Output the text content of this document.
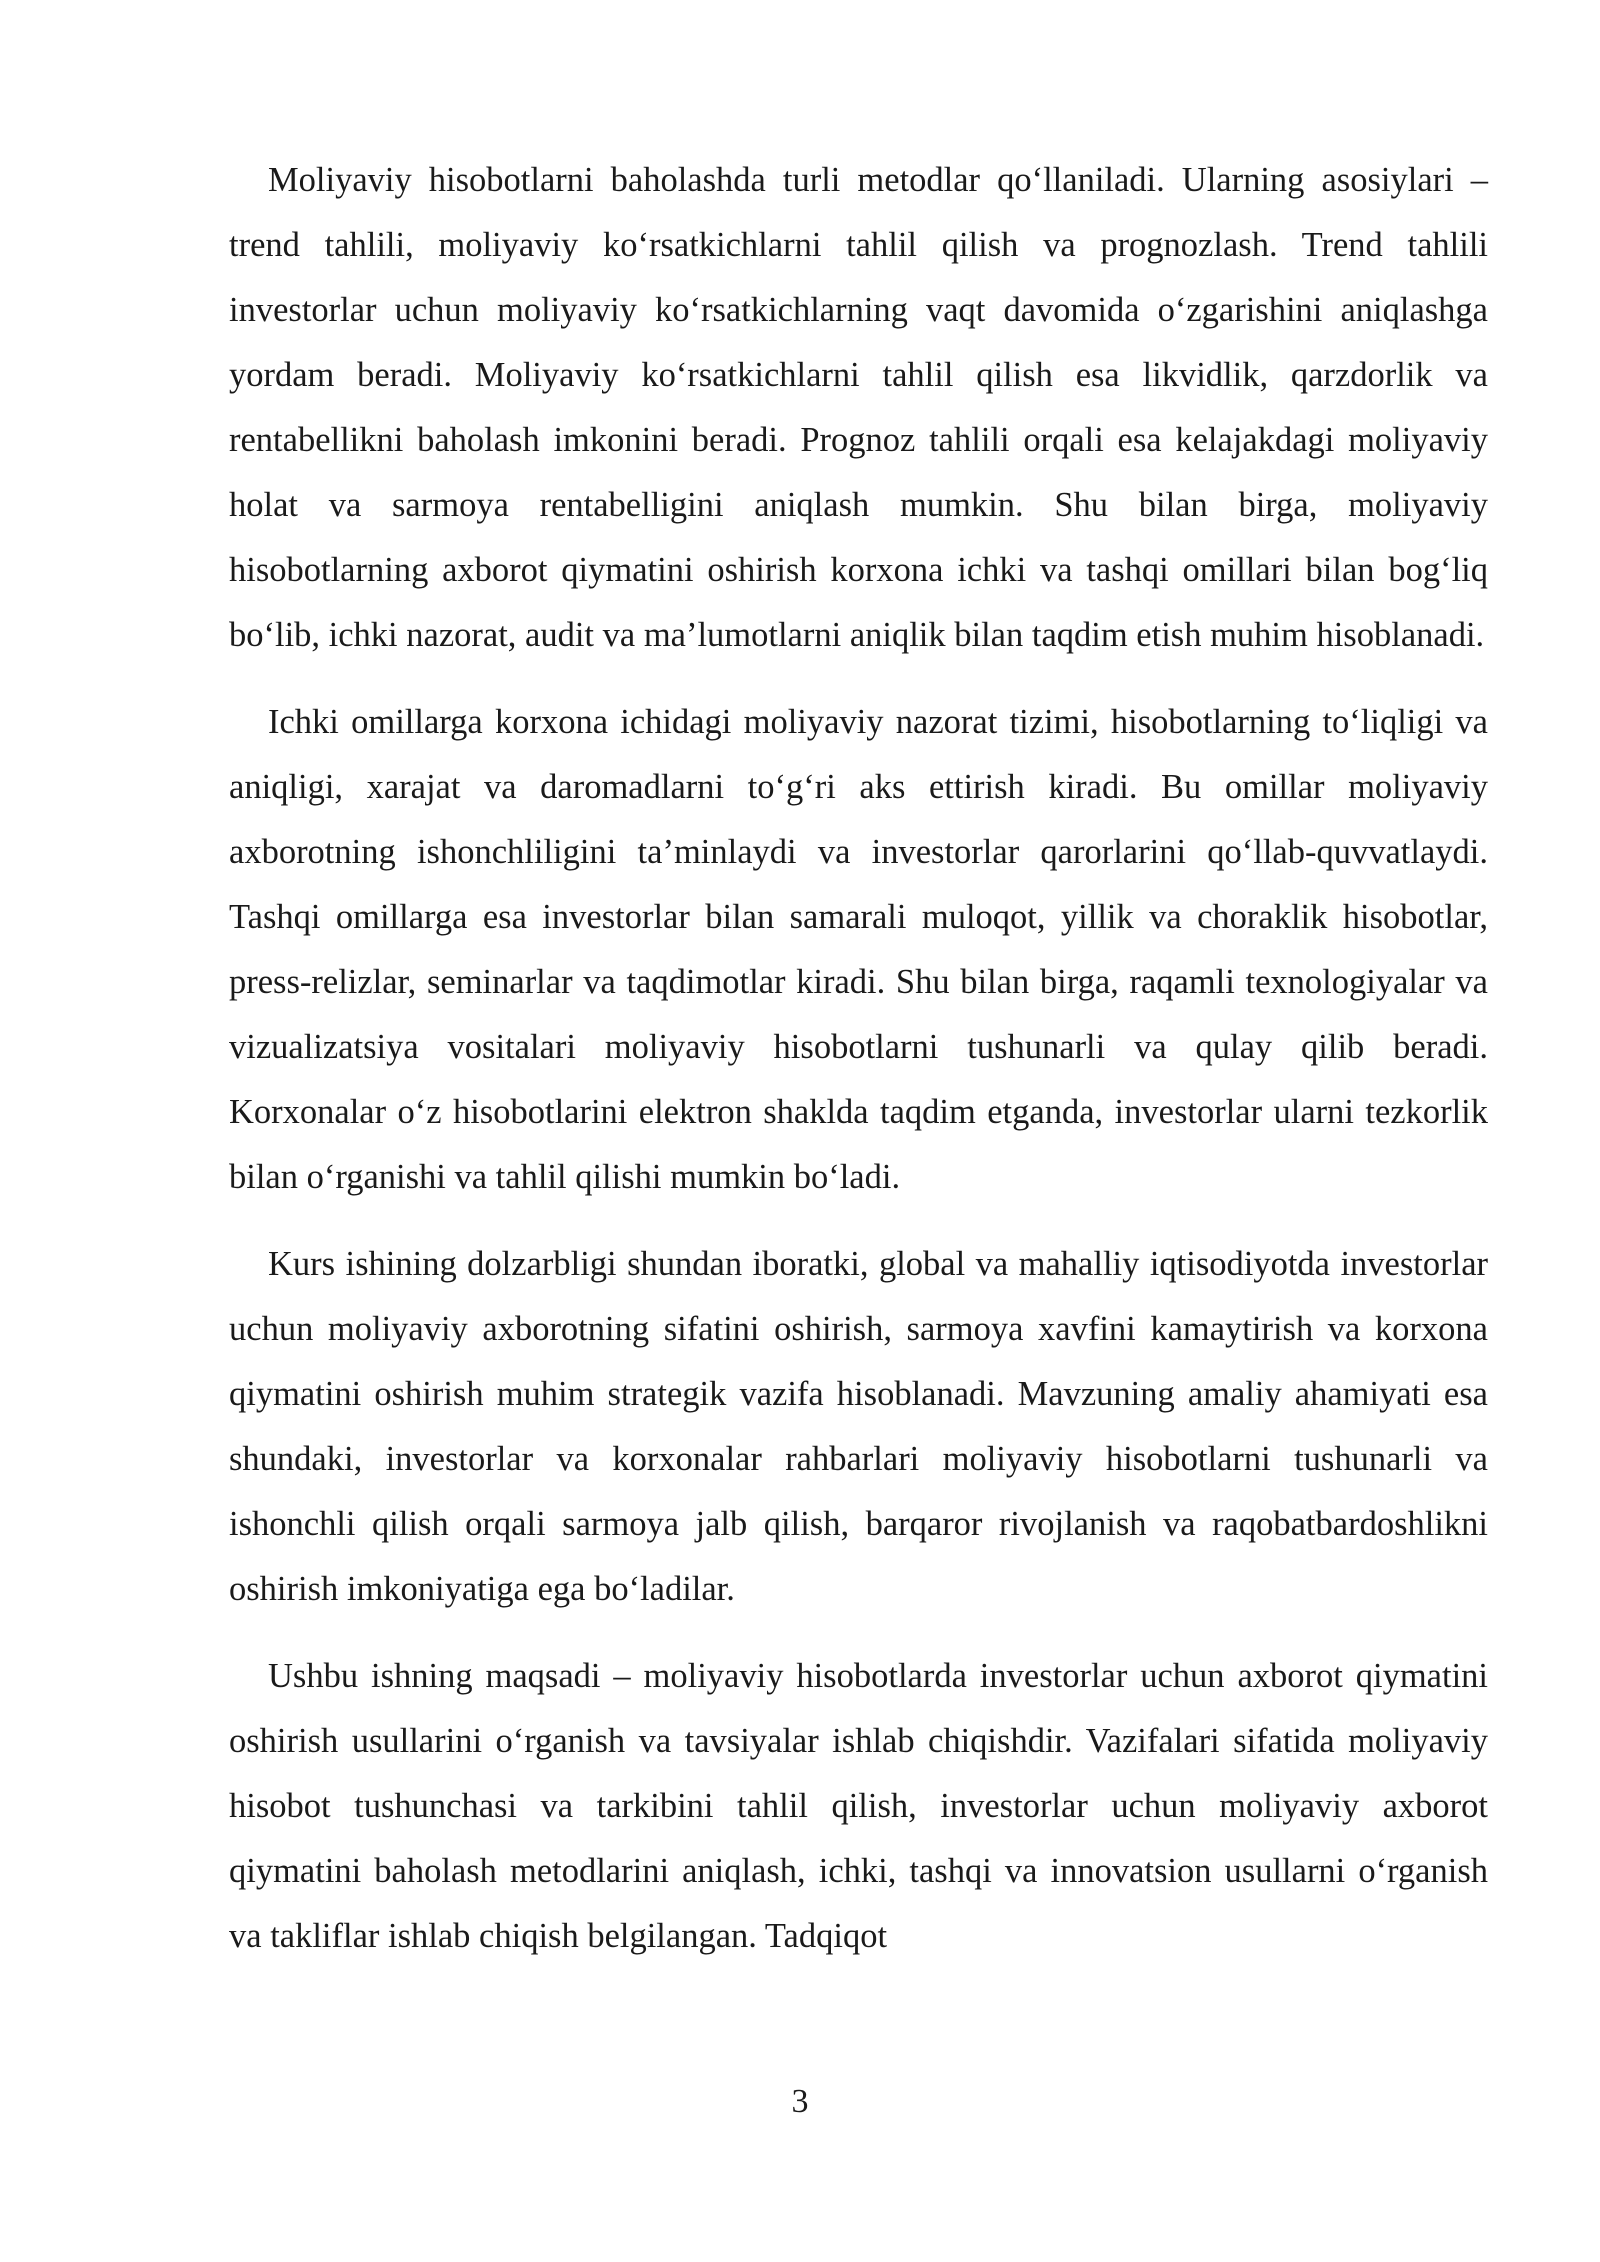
Moliyaviy hisobotlarni baholashda turli metodlar qo‘llaniladi. Ularning asosiylari – trend tahlili, moliyaviy ko‘rsatkichlarni tahlil qilish va prognozlash. Trend tahlili investorlar uchun moliyaviy ko‘rsatkichlarning vaqt davomida o‘zgarishini aniqlashga yordam beradi. Moliyaviy ko‘rsatkichlarni tahlil qilish esa likvidlik, qarzdorlik va rentabellikni baholash imkonini beradi. Prognoz tahlili orqali esa kelajakdagi moliyaviy holat va sarmoya rentabelligini aniqlash mumkin. Shu bilan birga, moliyaviy hisobotlarning axborot qiymatini oshirish korxona ichki va tashqi omillari bilan bog‘liq bo‘lib, ichki nazorat, audit va ma’lumotlarni aniqlik bilan taqdim etish muhim hisoblanadi.

Ichki omillarga korxona ichidagi moliyaviy nazorat tizimi, hisobotlarning to‘liqligi va aniqligi, xarajat va daromadlarni to‘g‘ri aks ettirish kiradi. Bu omillar moliyaviy axborotning ishonchliligini ta’minlaydi va investorlar qarorlarini qo‘llab-quvvatlaydi. Tashqi omillarga esa investorlar bilan samarali muloqot, yillik va choraklik hisobotlar, press-relizlar, seminarlar va taqdimotlar kiradi. Shu bilan birga, raqamli texnologiyalar va vizualizatsiya vositalari moliyaviy hisobotlarni tushunarli va qulay qilib beradi. Korxonalar o‘z hisobotlarini elektron shaklda taqdim etganda, investorlar ularni tezkorlik bilan o‘rganishi va tahlil qilishi mumkin bo‘ladi.

Kurs ishining dolzarbligi shundan iboratki, global va mahalliy iqtisodiyotda investorlar uchun moliyaviy axborotning sifatini oshirish, sarmoya xavfini kamaytirish va korxona qiymatini oshirish muhim strategik vazifa hisoblanadi. Mavzuning amaliy ahamiyati esa shundaki, investorlar va korxonalar rahbarlari moliyaviy hisobotlarni tushunarli va ishonchli qilish orqali sarmoya jalb qilish, barqaror rivojlanish va raqobatbardoshlikni oshirish imkoniyatiga ega bo‘ladilar.

Ushbu ishning maqsadi – moliyaviy hisobotlarda investorlar uchun axborot qiymatini oshirish usullarini o‘rganish va tavsiyalar ishlab chiqishdir. Vazifalari sifatida moliyaviy hisobot tushunchasi va tarkibini tahlil qilish, investorlar uchun moliyaviy axborot qiymatini baholash metodlarini aniqlash, ichki, tashqi va innovatsion usullarni o‘rganish va takliflar ishlab chiqish belgilangan. Tadqiqot

3
